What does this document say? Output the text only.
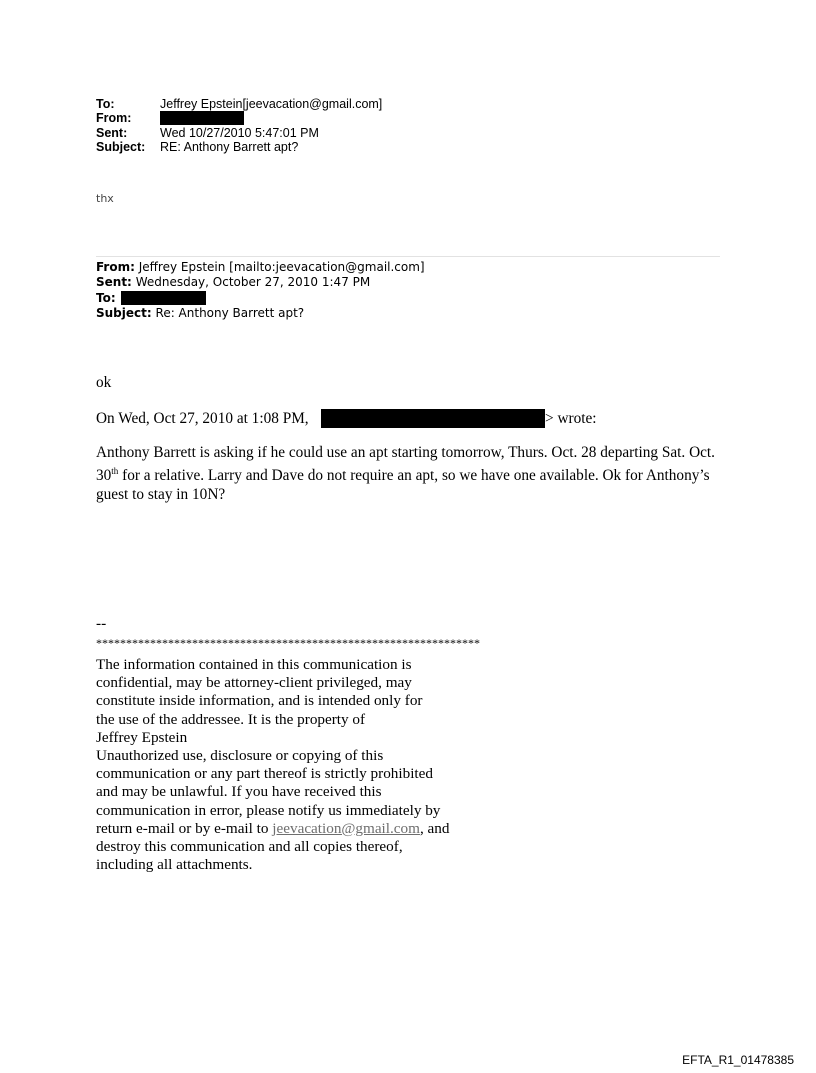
To:	Jeffrey Epstein[jeevacation@gmail.com]
From:
Sent:	Wed 10/27/2010 5:47:01 PM
Subject: RE: Anthony Barrett apt?
thx
From: Jeffrey Epstein [mailto:jeevacation@gmail.com]
Sent: Wednesday, October 27, 2010 1:47 PM
To:
Subject: Re: Anthony Barrett apt?
ok
On Wed, Oct 27, 2010 at 1:08 PM,	> wrote:
Anthony Barrett is asking if he could use an apt starting tomorrow, Thurs. Oct. 28 departing Sat. Oct. 30th for a relative. Larry and Dave do not require an apt, so we have one available. Ok for Anthony’s guest to stay in 10N?
--
****************************************************************
The information contained in this communication is
confidential, may be attorney-client privileged, may
constitute inside information, and is intended only for
the use of the addressee. It is the property of
Jeffrey Epstein
Unauthorized use, disclosure or copying of this
communication or any part thereof is strictly prohibited
and may be unlawful. If you have received this
communication in error, please notify us immediately by
return e-mail or by e-mail to jeevacation@gmail.com, and
destroy this communication and all copies thereof,
including all attachments.
EFTA_R1_01478385
